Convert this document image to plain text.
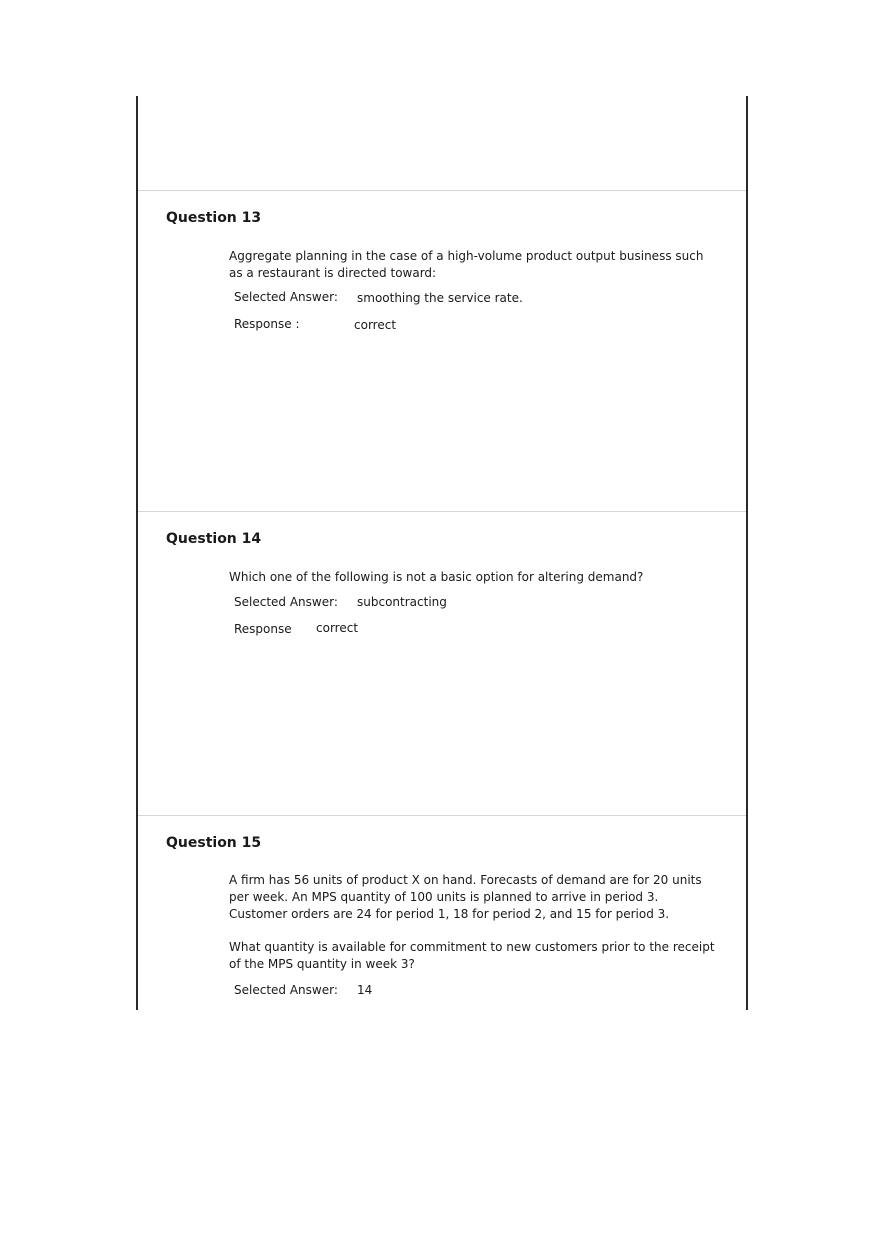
Question 13

Aggregate planning in the case of a high-volume product output business such as a restaurant is directed toward:

Selected Answer: smoothing the service rate.
Response :	correct
Question 14

Which one of the following is not a basic option for altering demand?

Selected Answer: subcontracting
Response correct
Question 15

A firm has 56 units of product X on hand. Forecasts of demand are for 20 units per week. An MPS quantity of 100 units is planned to arrive in period 3. Customer orders are 24 for period 1, 18 for period 2, and 15 for period 3.

What quantity is available for commitment to new customers prior to the receipt of the MPS quantity in week 3?

Selected Answer: 14
